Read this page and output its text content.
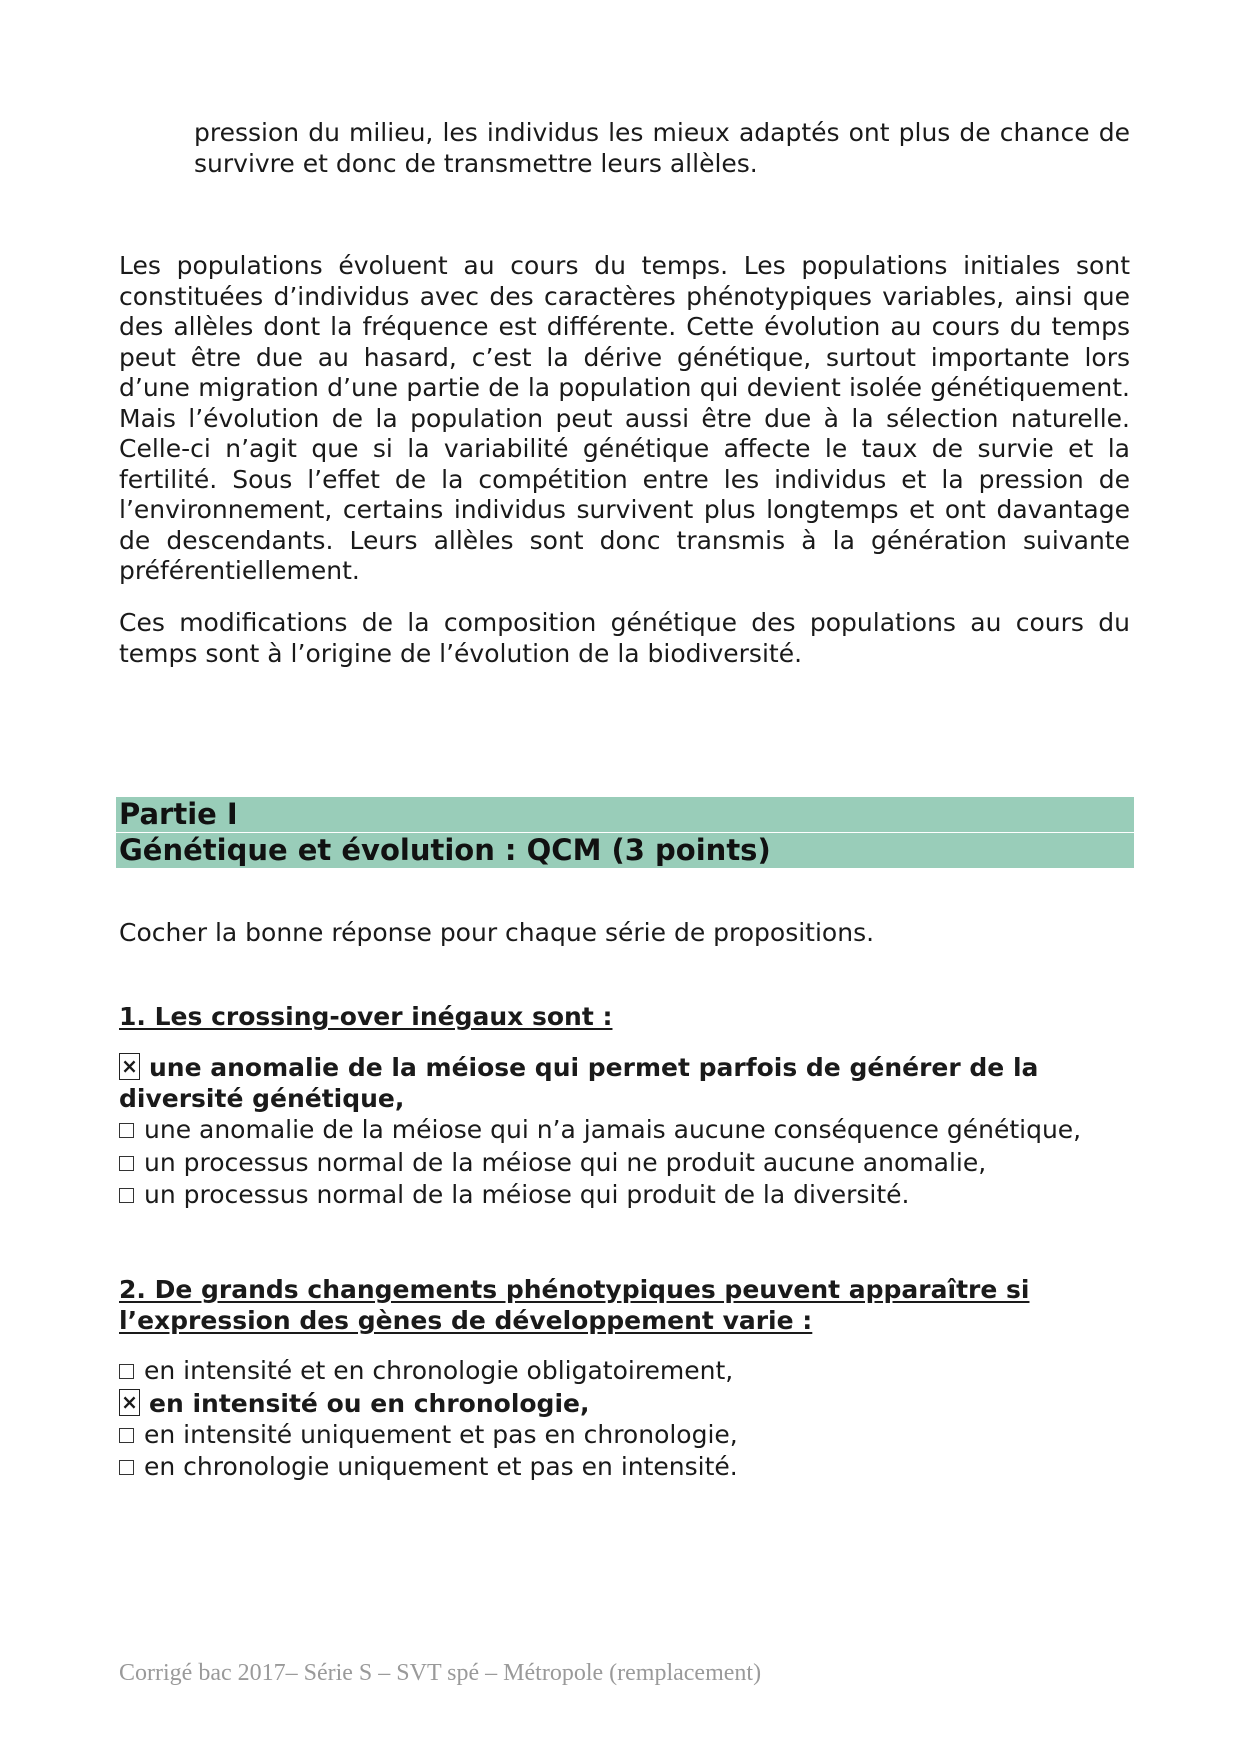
pression du milieu, les individus les mieux adaptés ont plus de chance de survivre et donc de transmettre leurs allèles.

Les populations évoluent au cours du temps. Les populations initiales sont constituées d’individus avec des caractères phénotypiques variables, ainsi que des allèles dont la fréquence est différente. Cette évolution au cours du temps peut être due au hasard, c’est la dérive génétique, surtout importante lors d’une migration d’une partie de la population qui devient isolée génétiquement. Mais l’évolution de la population peut aussi être due à la sélection naturelle. Celle-ci n’agit que si la variabilité génétique affecte le taux de survie et la fertilité. Sous l’effet de la compétition entre les individus et la pression de l’environnement, certains individus survivent plus longtemps et ont davantage de descendants. Leurs allèles sont donc transmis à la génération suivante préférentiellement.

Ces modifications de la composition génétique des populations au cours du temps sont à l’origine de l’évolution de la biodiversité.

Partie I
Génétique et évolution : QCM (3 points)

Cocher la bonne réponse pour chaque série de propositions.

1. Les crossing-over inégaux sont :

× une anomalie de la méiose qui permet parfois de générer de la diversité génétique,
une anomalie de la méiose qui n’a jamais aucune conséquence génétique,
un processus normal de la méiose qui ne produit aucune anomalie,
un processus normal de la méiose qui produit de la diversité.

2. De grands changements phénotypiques peuvent apparaître si l’expression des gènes de développement varie :

en intensité et en chronologie obligatoirement,
× en intensité ou en chronologie,
en intensité uniquement et pas en chronologie,
en chronologie uniquement et pas en intensité.

Corrigé bac 2017– Série S – SVT spé – Métropole (remplacement)
